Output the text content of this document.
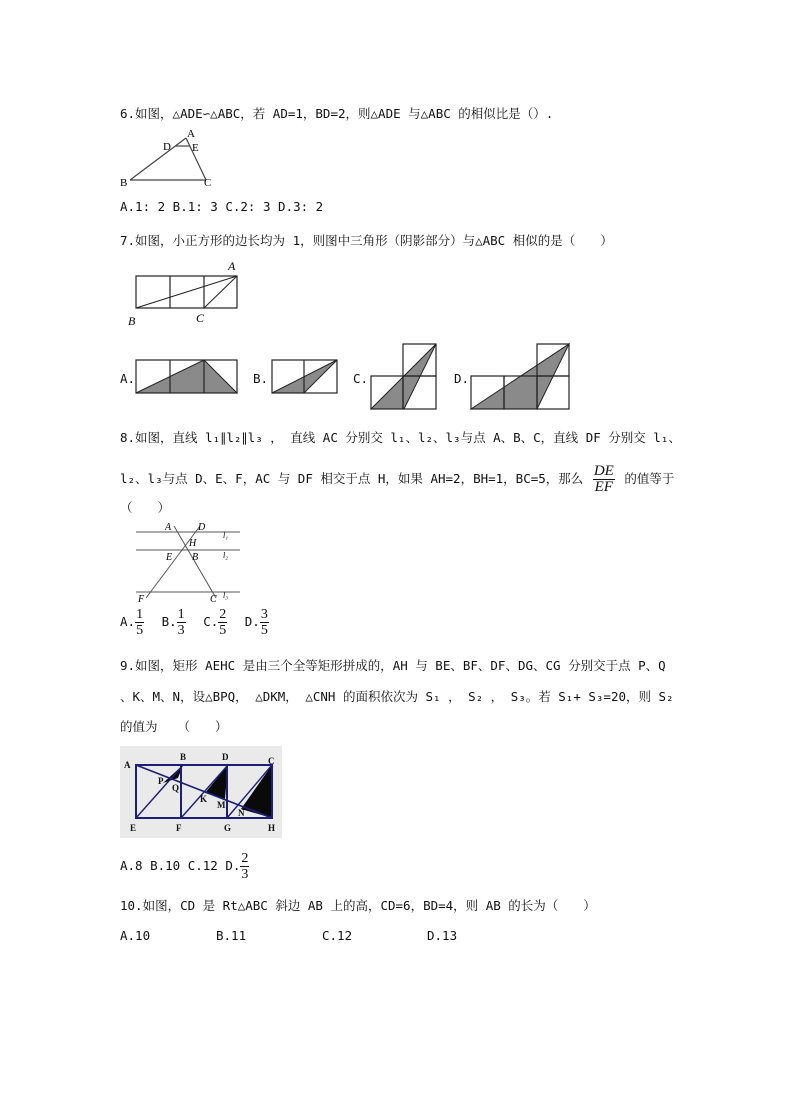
6.如图，△ADE∽△ABC，若 AD=1，BD=2，则△ADE 与△ABC 的相似比是（）.
A
D E
B	C
A.1: 2 B.1: 3 C.2: 3 D.3: 2
7.如图，小正方形的边长均为 1，则图中三角形（阴影部分）与△ABC 相似的是（　　）
A
B	C
A.	B.	C.	D.
8.如图，直线 l₁∥l₂∥l₃ ， 直线 AC 分别交 l₁、l₂、l₃与点 A、B、C，直线 DF 分别交 l₁、
l₂、l₃与点 D、E、F，AC 与 DF 相交于点 H，如果 AH=2，BH=1，BC=5，那么 $\frac{DE}{EF}$ 的值等于
（　　）
A	D
l₁
H
E B	l₂
F	C l₃
A. $\frac{1}{5} B$. $\frac{1}{3} C$. $\frac{2}{5} D$. $\frac{3}{5}$
9.如图，矩形 AEHC 是由三个全等矩形拼成的，AH 与 BE、BF、DF、DG、CG 分别交于点 P、Q
、K、M、N，设△BPQ， △DKM， △CNH 的面积依次为 S₁ ， S₂ ， S₃。若 S₁+ S₃=20，则 S₂
的值为　 （　　）
A
B	D	C
P
Q
K
M
N
E	F	G	H
A.8 B.10 C.12 D. $\frac{2}{3}$
10.如图，CD 是 Rt△ABC 斜边 AB 上的高，CD=6，BD=4，则 AB 的长为（　　）
A.10	B.11	C.12	D.13
